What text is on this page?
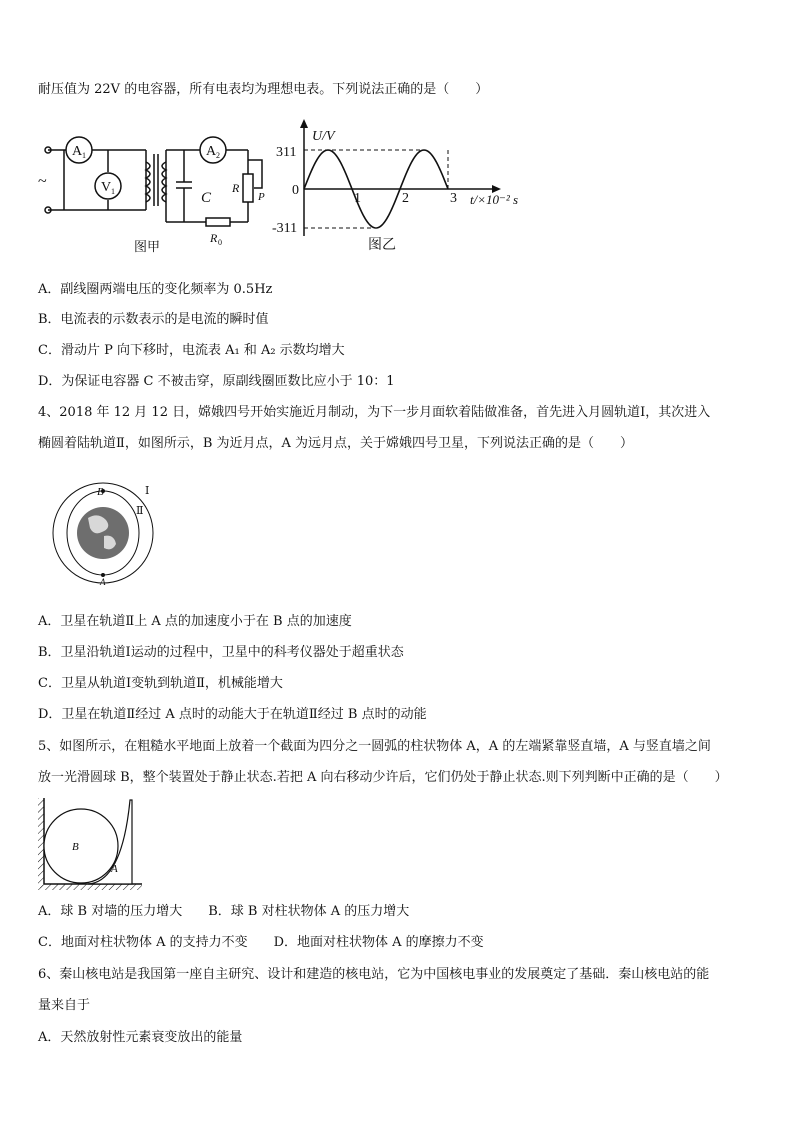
耐压值为 22V 的电容器，所有电表均为理想电表。下列说法正确的是（　　）
A 1
V 1
A 2
~
C
R
P
R 0
图甲
U/V
t/×10⁻² s
0
311
-311
图乙
1	2	3
A．副线圈两端电压的变化频率为 0.5Hz
B．电流表的示数表示的是电流的瞬时值
C．滑动片 P 向下移时，电流表 A₁ 和 A₂ 示数均增大
D．为保证电容器 C 不被击穿，原副线圈匝数比应小于 10：1
4、2018 年 12 月 12 日，嫦娥四号开始实施近月制动，为下一步月面软着陆做准备，首先进入月圆轨道Ⅰ，其次进入
椭圆着陆轨道Ⅱ，如图所示，B 为近月点，A 为远月点，关于嫦娥四号卫星，下列说法正确的是（　　）
B
A
Ⅰ
Ⅱ
A．卫星在轨道Ⅱ上 A 点的加速度小于在 B 点的加速度
B．卫星沿轨道Ⅰ运动的过程中，卫星中的科考仪器处于超重状态
C．卫星从轨道Ⅰ变轨到轨道Ⅱ，机械能增大
D．卫星在轨道Ⅱ经过 A 点时的动能大于在轨道Ⅱ经过 B 点时的动能
5、如图所示，在粗糙水平地面上放着一个截面为四分之一圆弧的柱状物体 A，A 的左端紧靠竖直墙，A 与竖直墙之间
放一光滑圆球 B，整个装置处于静止状态.若把 A 向右移动少许后，它们仍处于静止状态.则下列判断中正确的是（　　）
B
A
A．球 B 对墙的压力增大　　B．球 B 对柱状物体 A 的压力增大
C．地面对柱状物体 A 的支持力不变　　D．地面对柱状物体 A 的摩擦力不变
6、秦山核电站是我国第一座自主研究、设计和建造的核电站，它为中国核电事业的发展奠定了基础．秦山核电站的能
量来自于
A．天然放射性元素衰变放出的能量
